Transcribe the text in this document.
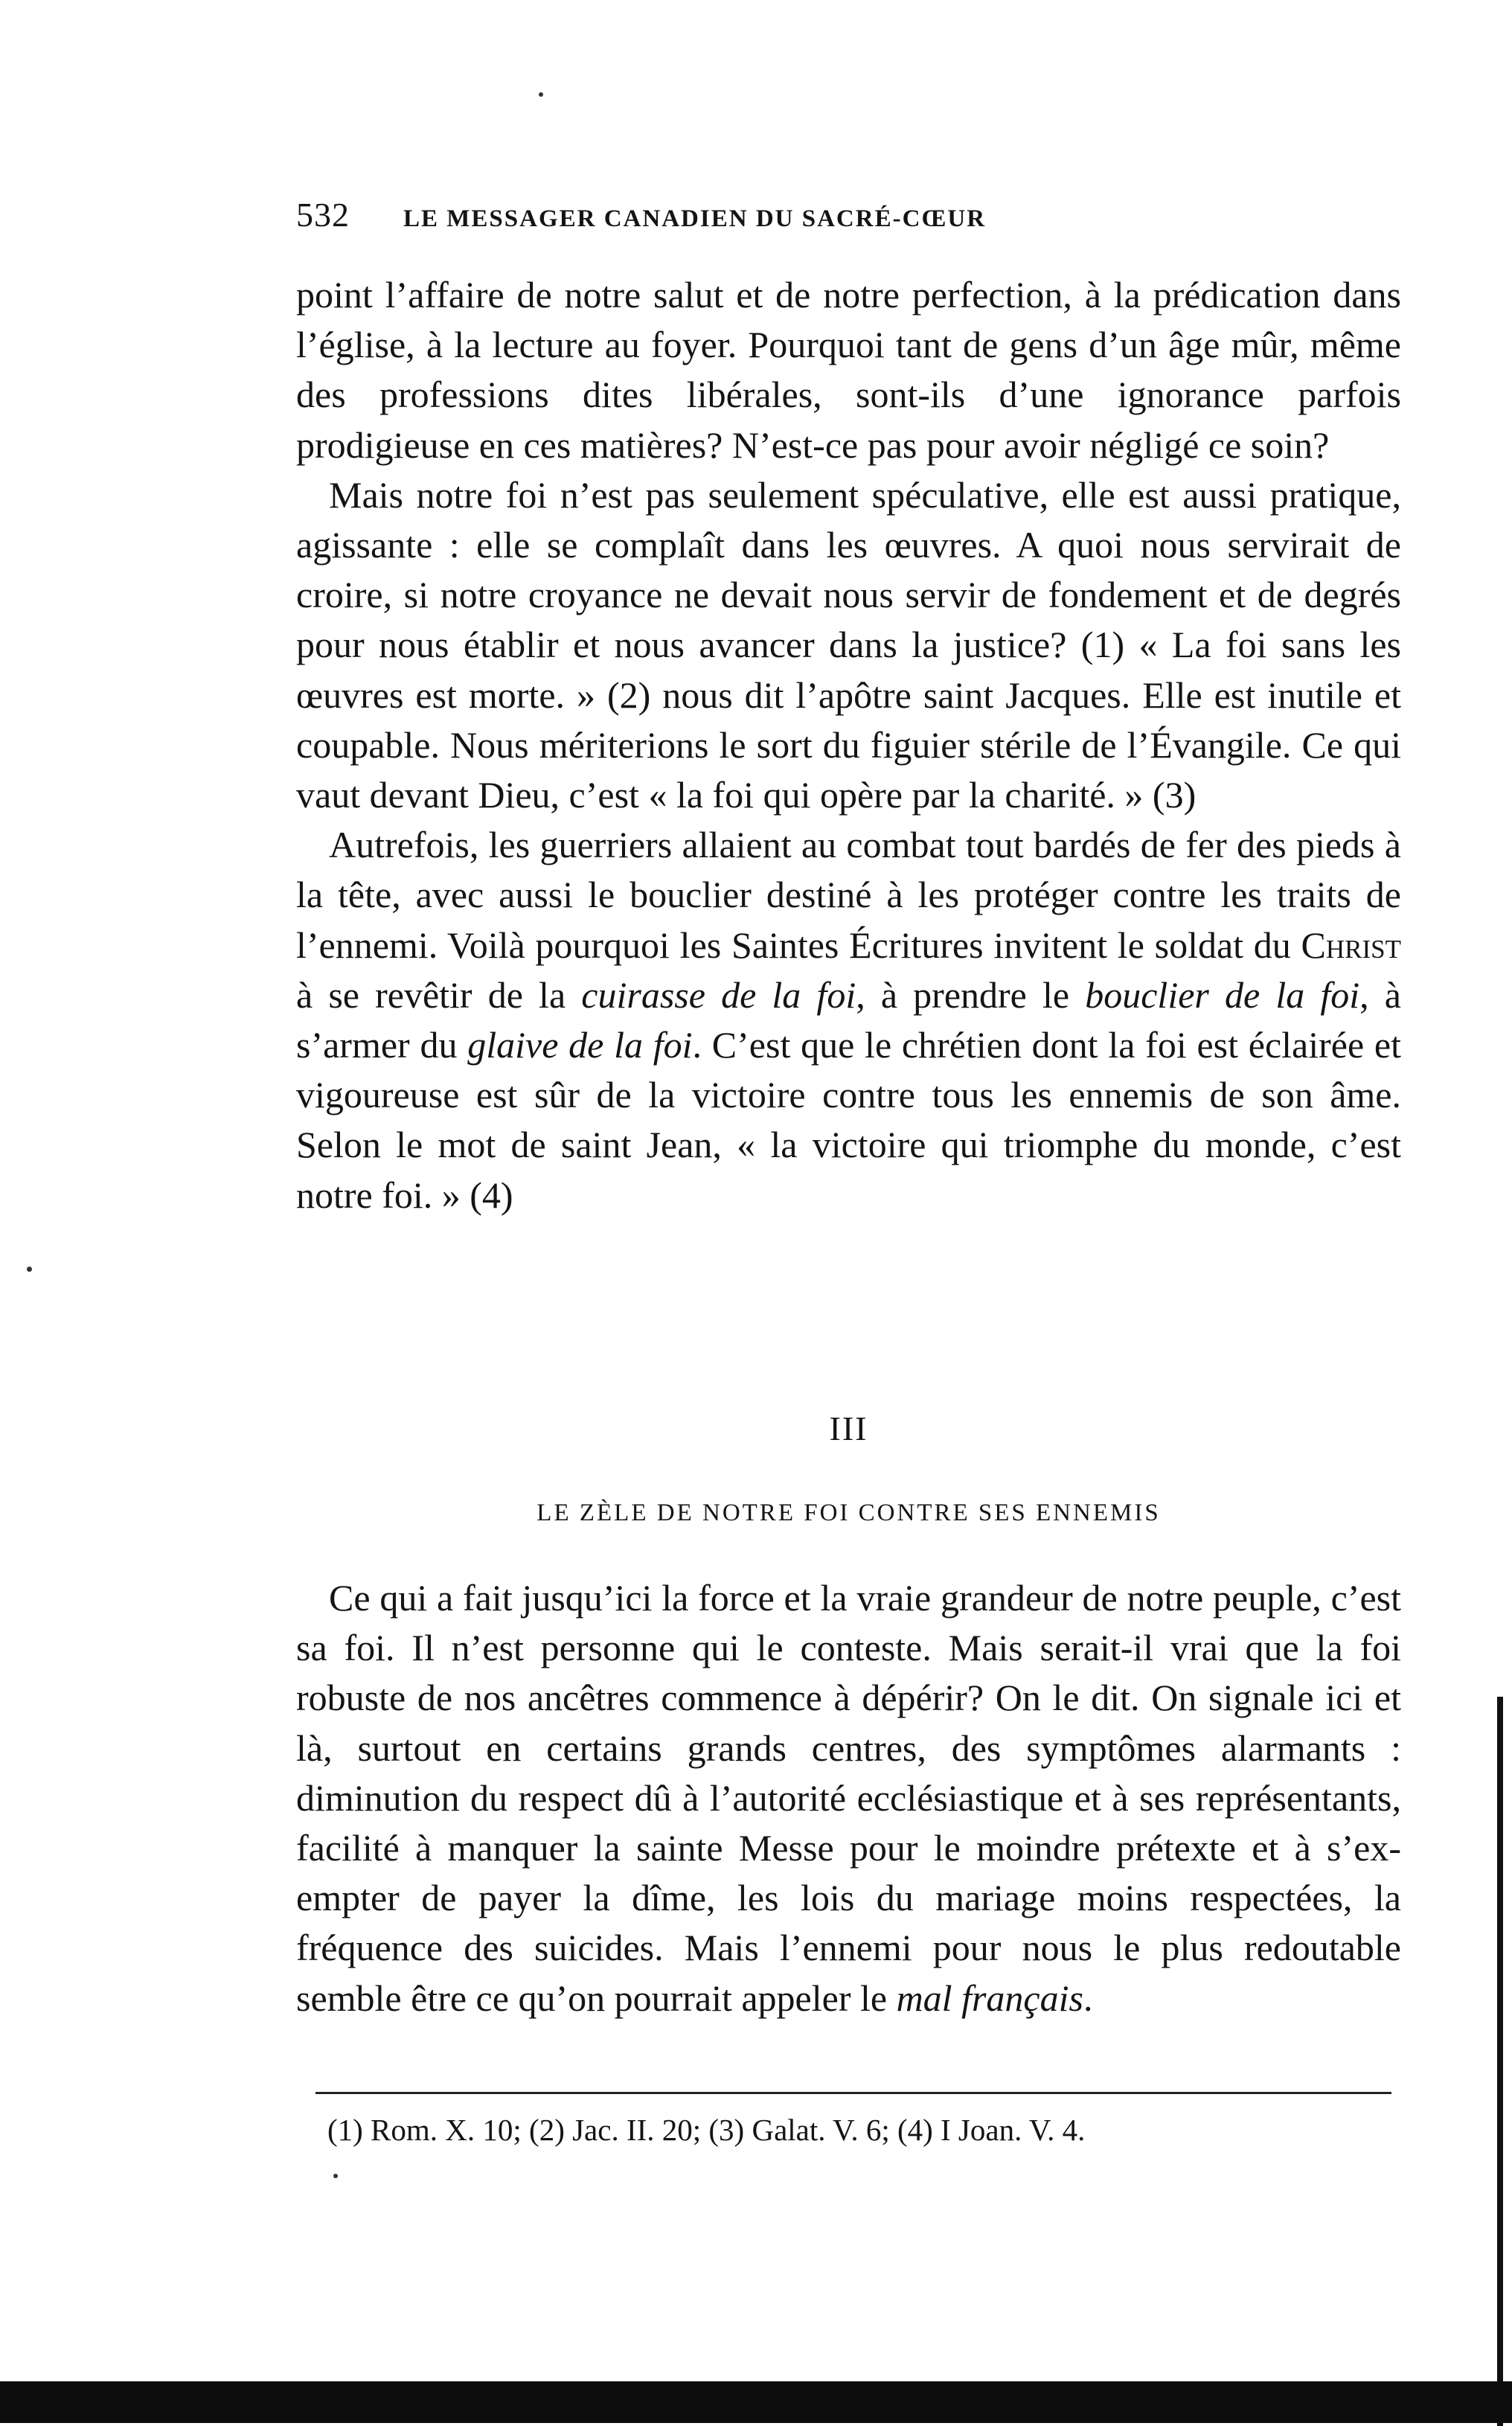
532 LE MESSAGER CANADIEN DU SACRÉ-CŒUR

point l’affaire de notre salut et de notre perfection, à la prédication dans l’église, à la lecture au foyer. Pourquoi tant de gens d’un âge mûr, même des professions dites libérales, sont-ils d’une ignorance parfois prodigieuse en ces matières? N’est-ce pas pour avoir négligé ce soin?

Mais notre foi n’est pas seulement spéculative, elle est aussi pratique, agissante : elle se complaît dans les œuvres. A quoi nous servirait de croire, si notre croyance ne devait nous servir de fondement et de degrés pour nous établir et nous avancer dans la justice? (1) « La foi sans les œuvres est morte. » (2) nous dit l’apôtre saint Jacques. Elle est inutile et coupable. Nous mériterions le sort du figuier stérile de l’Évangile. Ce qui vaut devant Dieu, c’est « la foi qui opère par la charité. » (3)

Autrefois, les guerriers allaient au combat tout bardés de fer des pieds à la tête, avec aussi le bouclier destiné à les protéger contre les traits de l’ennemi. Voilà pourquoi les Saintes Écritures invitent le soldat du Christ à se revêtir de la cuirasse de la foi, à prendre le bouclier de la foi, à s’armer du glaive de la foi. C’est que le chrétien dont la foi est éclairée et vigoureuse est sûr de la victoire contre tous les ennemis de son âme. Selon le mot de saint Jean, « la victoire qui triomphe du monde, c’est notre foi. » (4)

III
LE ZÈLE DE NOTRE FOI CONTRE SES ENNEMIS

Ce qui a fait jusqu’ici la force et la vraie grandeur de notre peuple, c’est sa foi. Il n’est personne qui le conteste. Mais serait-il vrai que la foi robuste de nos ancêtres commence à dépérir? On le dit. On signale ici et là, surtout en certains grands centres, des symptômes alarmants : diminution du respect dû à l’autorité ecclésiastique et à ses représentants, facilité à manquer la sainte Messe pour le moindre prétexte et à s’exempter de payer la dîme, les lois du mariage moins respectées, la fréquence des suicides. Mais l’ennemi pour nous le plus redoutable semble être ce qu’on pourrait appeler le mal français.

(1) Rom. X. 10; (2) Jac. II. 20; (3) Galat. V. 6; (4) I Joan. V. 4.
